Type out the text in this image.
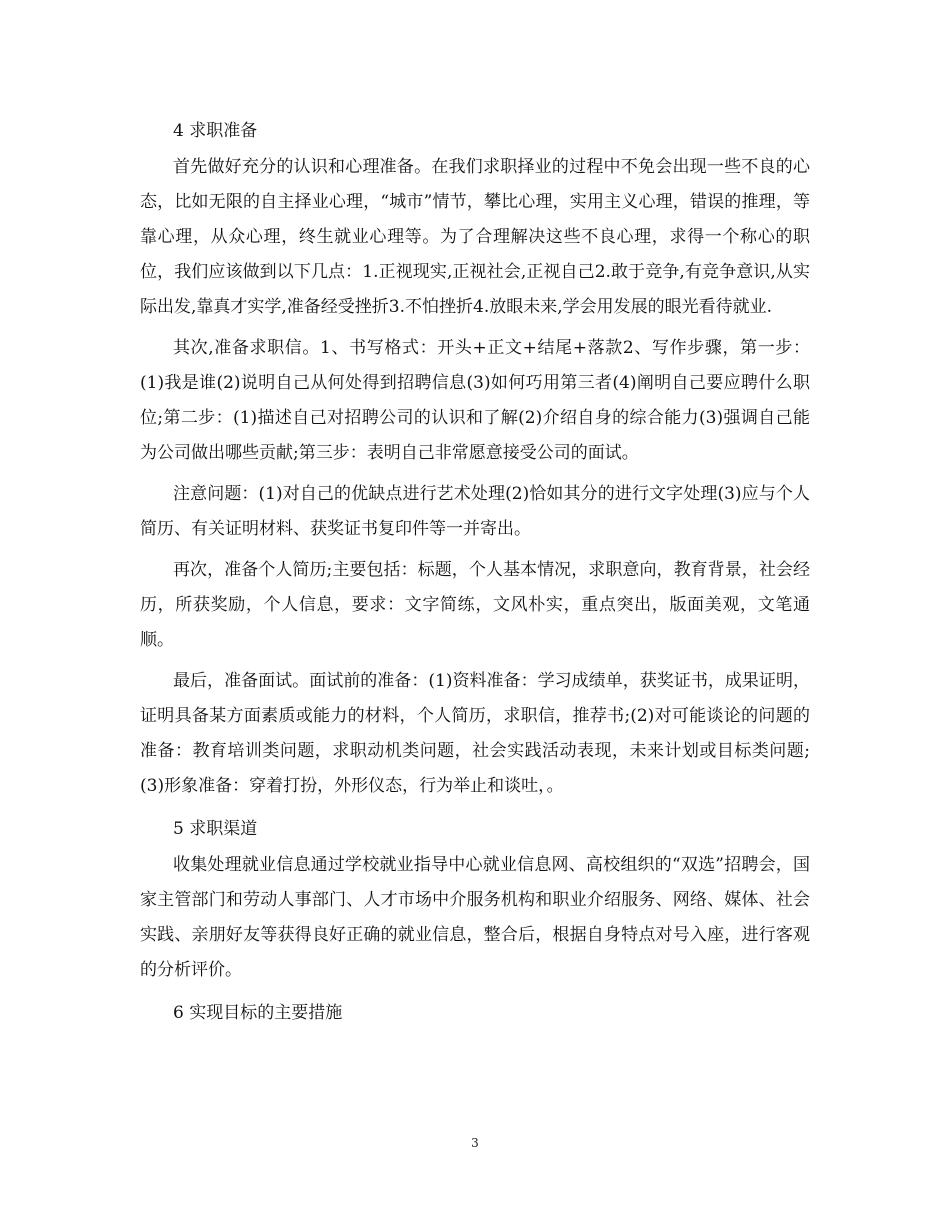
4 求职准备

首先做好充分的认识和心理准备。在我们求职择业的过程中不免会出现一些不良的心态，比如无限的自主择业心理，“城市”情节，攀比心理，实用主义心理，错误的推理，等靠心理，从众心理，终生就业心理等。为了合理解决这些不良心理，求得一个称心的职位，我们应该做到以下几点：1.正视现实,正视社会,正视自己2.敢于竞争,有竞争意识,从实际出发,靠真才实学,准备经受挫折3.不怕挫折4.放眼未来,学会用发展的眼光看待就业.

其次,准备求职信。1、书写格式：开头+正文+结尾+落款2、写作步骤，第一步：(1)我是谁(2)说明自己从何处得到招聘信息(3)如何巧用第三者(4)阐明自己要应聘什么职位;第二步：(1)描述自己对招聘公司的认识和了解(2)介绍自身的综合能力(3)强调自己能为公司做出哪些贡献;第三步：表明自己非常愿意接受公司的面试。

注意问题：(1)对自己的优缺点进行艺术处理(2)恰如其分的进行文字处理(3)应与个人简历、有关证明材料、获奖证书复印件等一并寄出。

再次，准备个人简历;主要包括：标题，个人基本情况，求职意向，教育背景，社会经历，所获奖励，个人信息，要求：文字简练，文风朴实，重点突出，版面美观，文笔通顺。

最后，准备面试。面试前的准备：(1)资料准备：学习成绩单，获奖证书，成果证明，证明具备某方面素质或能力的材料，个人简历，求职信，推荐书;(2)对可能谈论的问题的准备：教育培训类问题，求职动机类问题，社会实践活动表现，未来计划或目标类问题;(3)形象准备：穿着打扮，外形仪态，行为举止和谈吐，。

5 求职渠道

收集处理就业信息通过学校就业指导中心就业信息网、高校组织的“双选”招聘会，国家主管部门和劳动人事部门、人才市场中介服务机构和职业介绍服务、网络、媒体、社会实践、亲朋好友等获得良好正确的就业信息，整合后，根据自身特点对号入座，进行客观的分析评价。

6 实现目标的主要措施
3
